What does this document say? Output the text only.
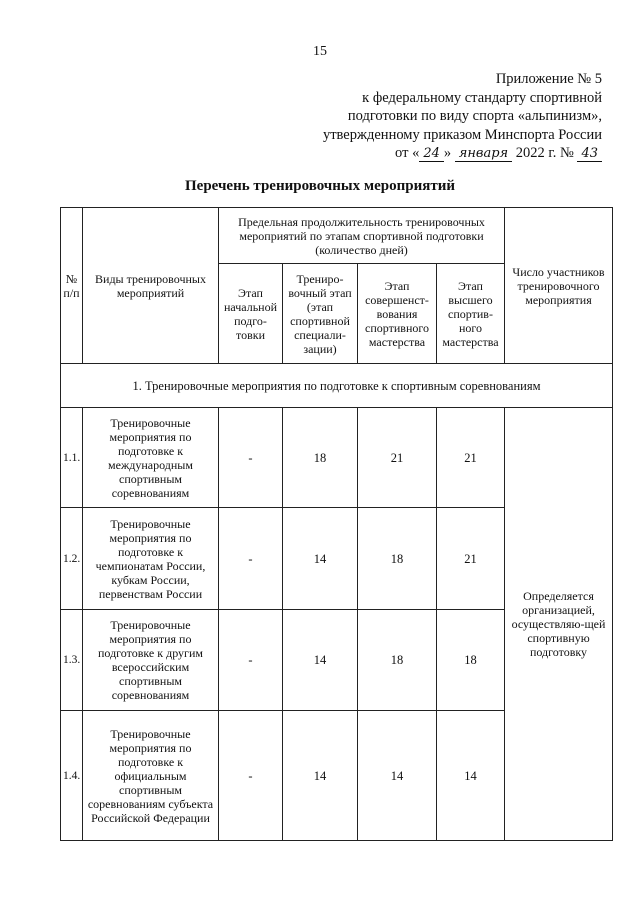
15
Приложение № 5
к федеральному стандарту спортивной
подготовки по виду спорта «альпинизм»,
утвержденному приказом Минспорта России
от « 24 » января 2022 г. № 43
Перечень тренировочных мероприятий
№ п/п	Виды тренировочных мероприятий	Предельная продолжительность тренировочных мероприятий по этапам спортивной подготовки (количество дней)				Число участников тренировочного мероприятия
		Этап начальной подго-товки	Трениро-вочный этап (этап спортивной специали-зации)	Этап совершенст-вования спортивного мастерства	Этап высшего спортив-ного мастерства	
1. Тренировочные мероприятия по подготовке к спортивным соревнованиям						
1.1.	Тренировочные мероприятия по подготовке к международным спортивным соревнованиям	-	18	21	21	Определяется организацией, осуществляю-щей спортивную подготовку
1.2.	Тренировочные мероприятия по подготовке к чемпионатам России, кубкам России, первенствам России	-	14	18	21	
1.3.	Тренировочные мероприятия по подготовке к другим всероссийским спортивным соревнованиям	-	14	18	18	
1.4.	Тренировочные мероприятия по подготовке к официальным спортивным соревнованиям субъекта Российской Федерации	-	14	14	14	
